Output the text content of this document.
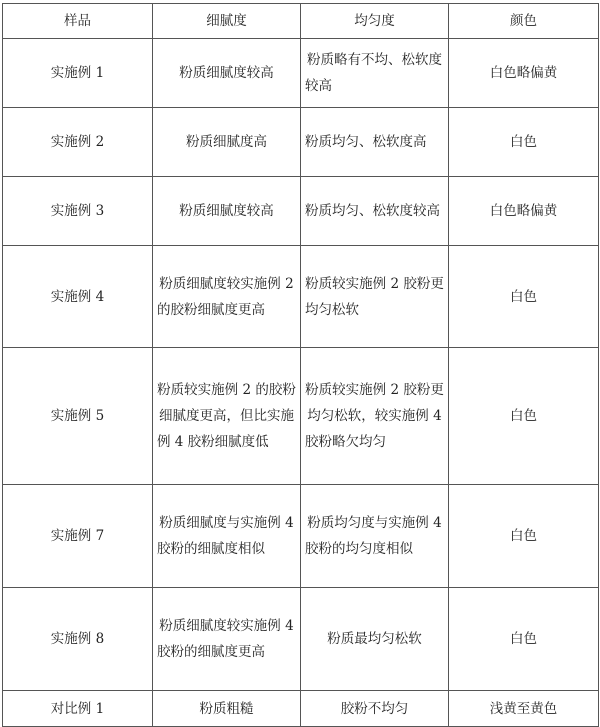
样品	细腻度	均匀度	颜色
实施例 1	粉质细腻度较高	粉质略有不均、松软度较高	白色略偏黄
实施例 2	粉质细腻度高	粉质均匀、松软度高	白色
实施例 3	粉质细腻度较高	粉质均匀、松软度较高	白色略偏黄
实施例 4	粉质细腻度较实施例 2 的胶粉细腻度更高	粉质较实施例 2 胶粉更均匀松软	白色
实施例 5	粉质较实施例 2 的胶粉细腻度更高，但比实施例 4 胶粉细腻度低	粉质较实施例 2 胶粉更均匀松软，较实施例 4 胶粉略欠均匀	白色
实施例 7	粉质细腻度与实施例 4 胶粉的细腻度相似	粉质均匀度与实施例 4 胶粉的均匀度相似	白色
实施例 8	粉质细腻度较实施例 4 胶粉的细腻度更高	粉质最均匀松软	白色
对比例 1	粉质粗糙	胶粉不均匀	浅黄至黄色
